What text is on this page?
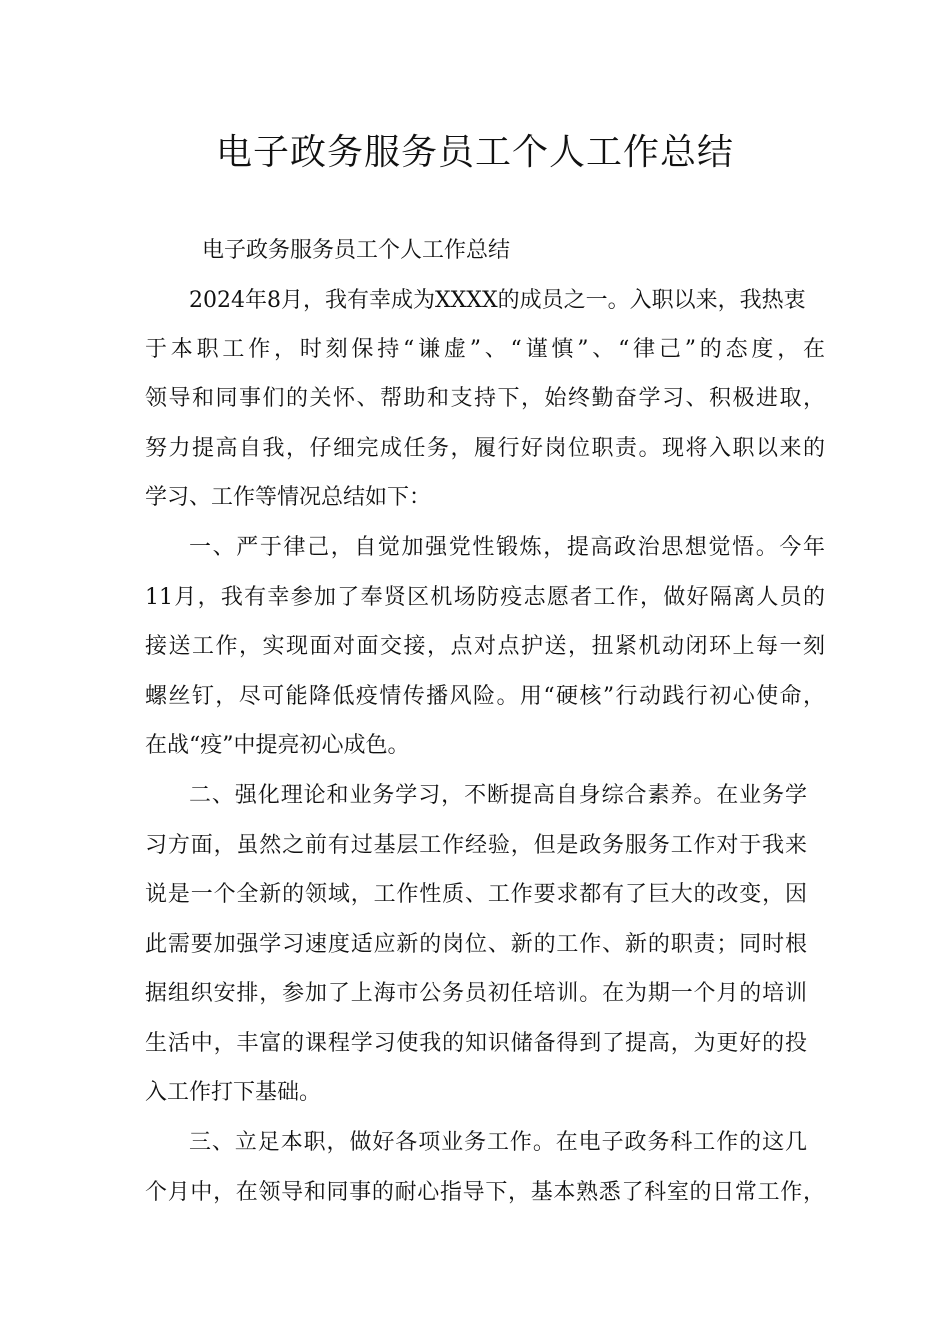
电子政务服务员工个人工作总结
电子政务服务员工个人工作总结
2024年8月，我有幸成为XXXX的成员之一。入职以来，我热衷
于本职工作，时刻保持“谦虚”、“谨慎”、“律己”的态度，在
领导和同事们的关怀、帮助和支持下，始终勤奋学习、积极进取，
努力提高自我，仔细完成任务，履行好岗位职责。现将入职以来的
学习、工作等情况总结如下：
一、严于律己，自觉加强党性锻炼，提高政治思想觉悟。今年
11月，我有幸参加了奉贤区机场防疫志愿者工作，做好隔离人员的
接送工作，实现面对面交接，点对点护送，扭紧机动闭环上每一刻
螺丝钉，尽可能降低疫情传播风险。用“硬核”行动践行初心使命，
在战“疫”中提亮初心成色。
二、强化理论和业务学习，不断提高自身综合素养。在业务学
习方面，虽然之前有过基层工作经验，但是政务服务工作对于我来
说是一个全新的领域，工作性质、工作要求都有了巨大的改变，因
此需要加强学习速度适应新的岗位、新的工作、新的职责；同时根
据组织安排，参加了上海市公务员初任培训。在为期一个月的培训
生活中，丰富的课程学习使我的知识储备得到了提高，为更好的投
入工作打下基础。
三、立足本职，做好各项业务工作。在电子政务科工作的这几
个月中，在领导和同事的耐心指导下，基本熟悉了科室的日常工作，
